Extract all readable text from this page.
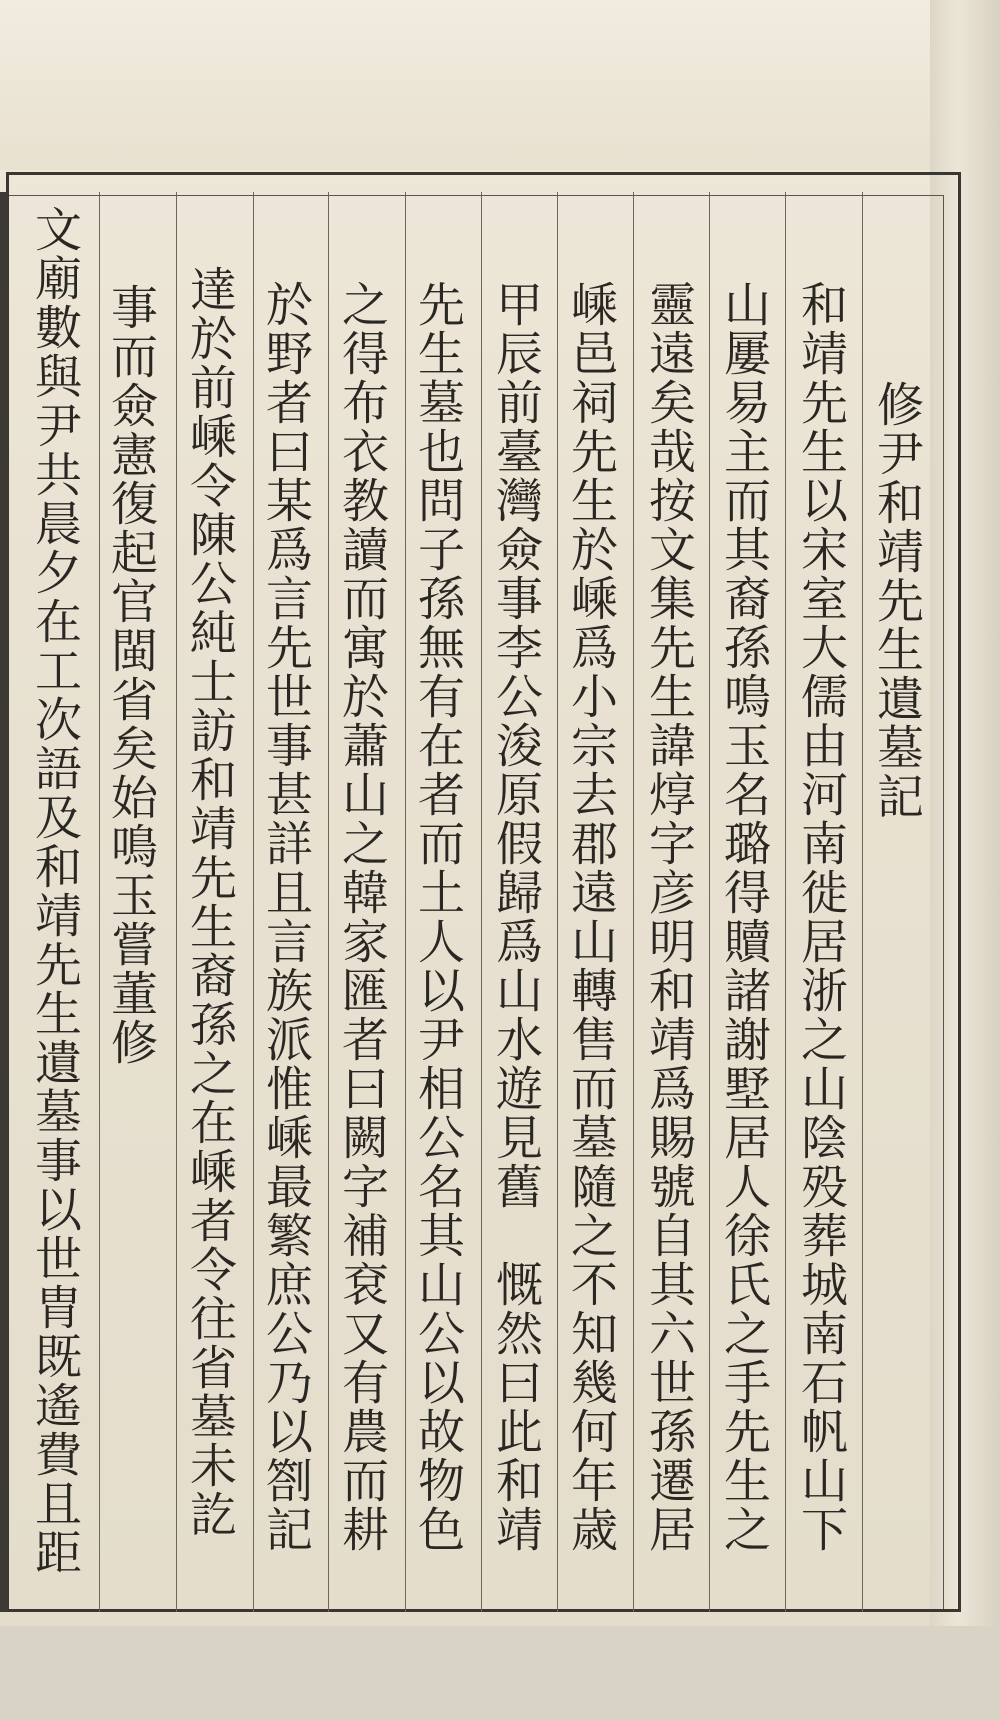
修尹和靖先生遺墓記
和靖先生以宋室大儒由河南徙居浙之山陰殁葬城南石帆山下
山屢易主而其裔孫鳴玉名璐得贖諸謝墅居人徐氏之手先生之
靈遠矣哉按文集先生諱焞字彦明和靖爲賜號自其六世孫遷居
嵊邑祠先生於嵊爲小宗去郡遠山轉售而墓隨之不知幾何年歳
甲辰前臺灣僉事李公浚原假歸爲山水遊見舊　慨然曰此和靖
先生墓也問子孫無有在者而土人以尹相公名其山公以故物色
之得布衣教讀而寓於蕭山之韓家匯者曰闕字補袞又有農而耕
於野者曰某爲言先世事甚詳且言族派惟嵊最繁庶公乃以劄記
達於前嵊令陳公純士訪和靖先生裔孫之在嵊者令往省墓未訖
事而僉憲復起官閩省矣始鳴玉嘗董修
文廟數與尹共晨夕在工次語及和靖先生遺墓事以世胄既遙費且距
